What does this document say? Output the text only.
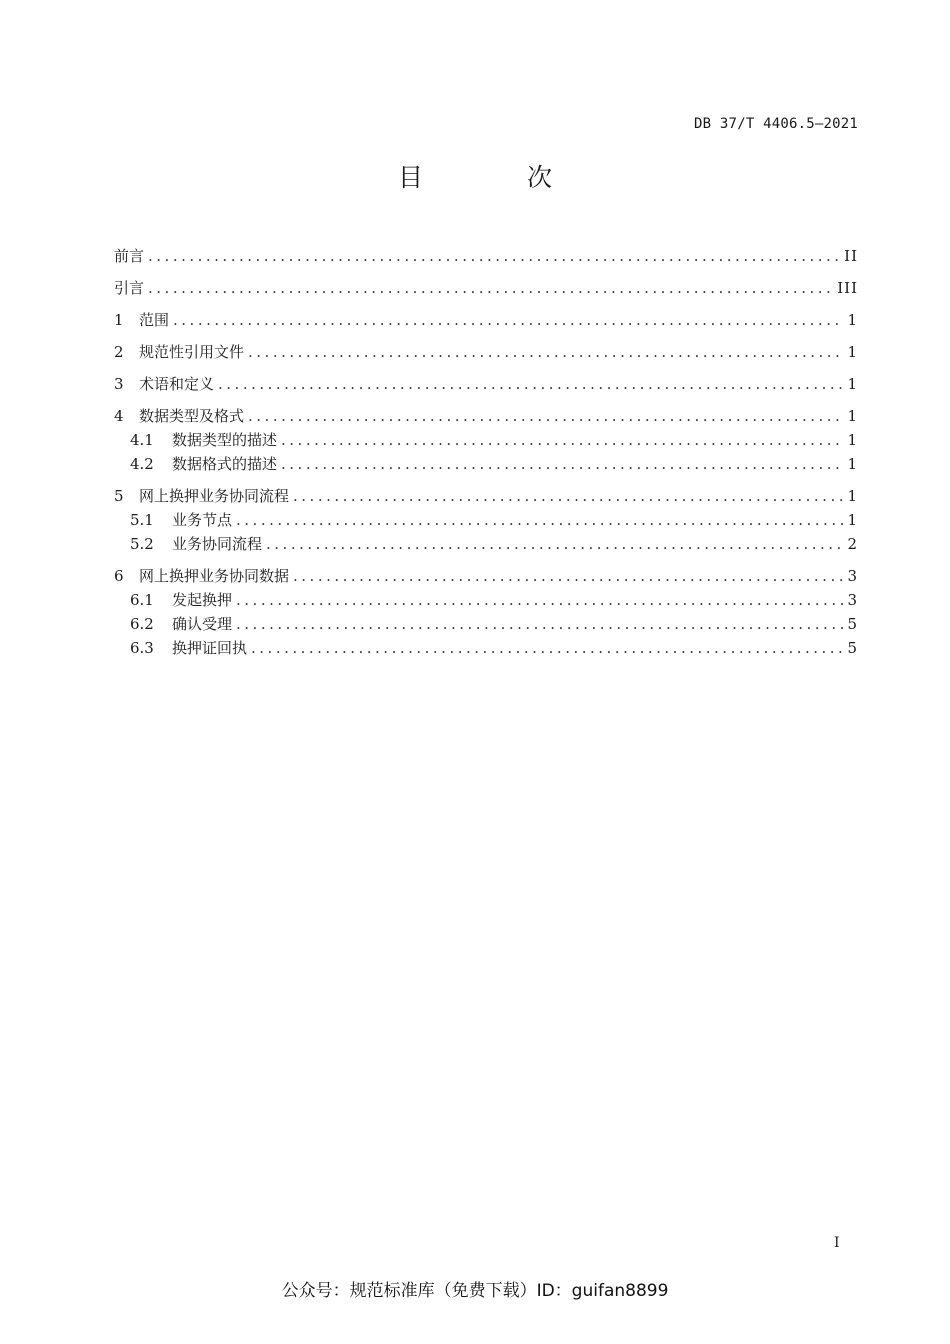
DB 37/T 4406.5—2021
目 次
前言 .....	II
引言 .....	III
1	范围 .....	1
2	规范性引用文件 .....	1
3	术语和定义 .....	1
4	数据类型及格式 .....	1
4.1	数据类型的描述 .....	1
4.2	数据格式的描述 .....	1
5	网上换押业务协同流程 .....	1
5.1	业务节点 .....	1
5.2	业务协同流程 .....	2
6	网上换押业务协同数据 .....	3
6.1	发起换押 .....	3
6.2	确认受理 .....	5
6.3	换押证回执 .....	5
I
公众号：规范标准库（免费下载）ID：guifan8899
